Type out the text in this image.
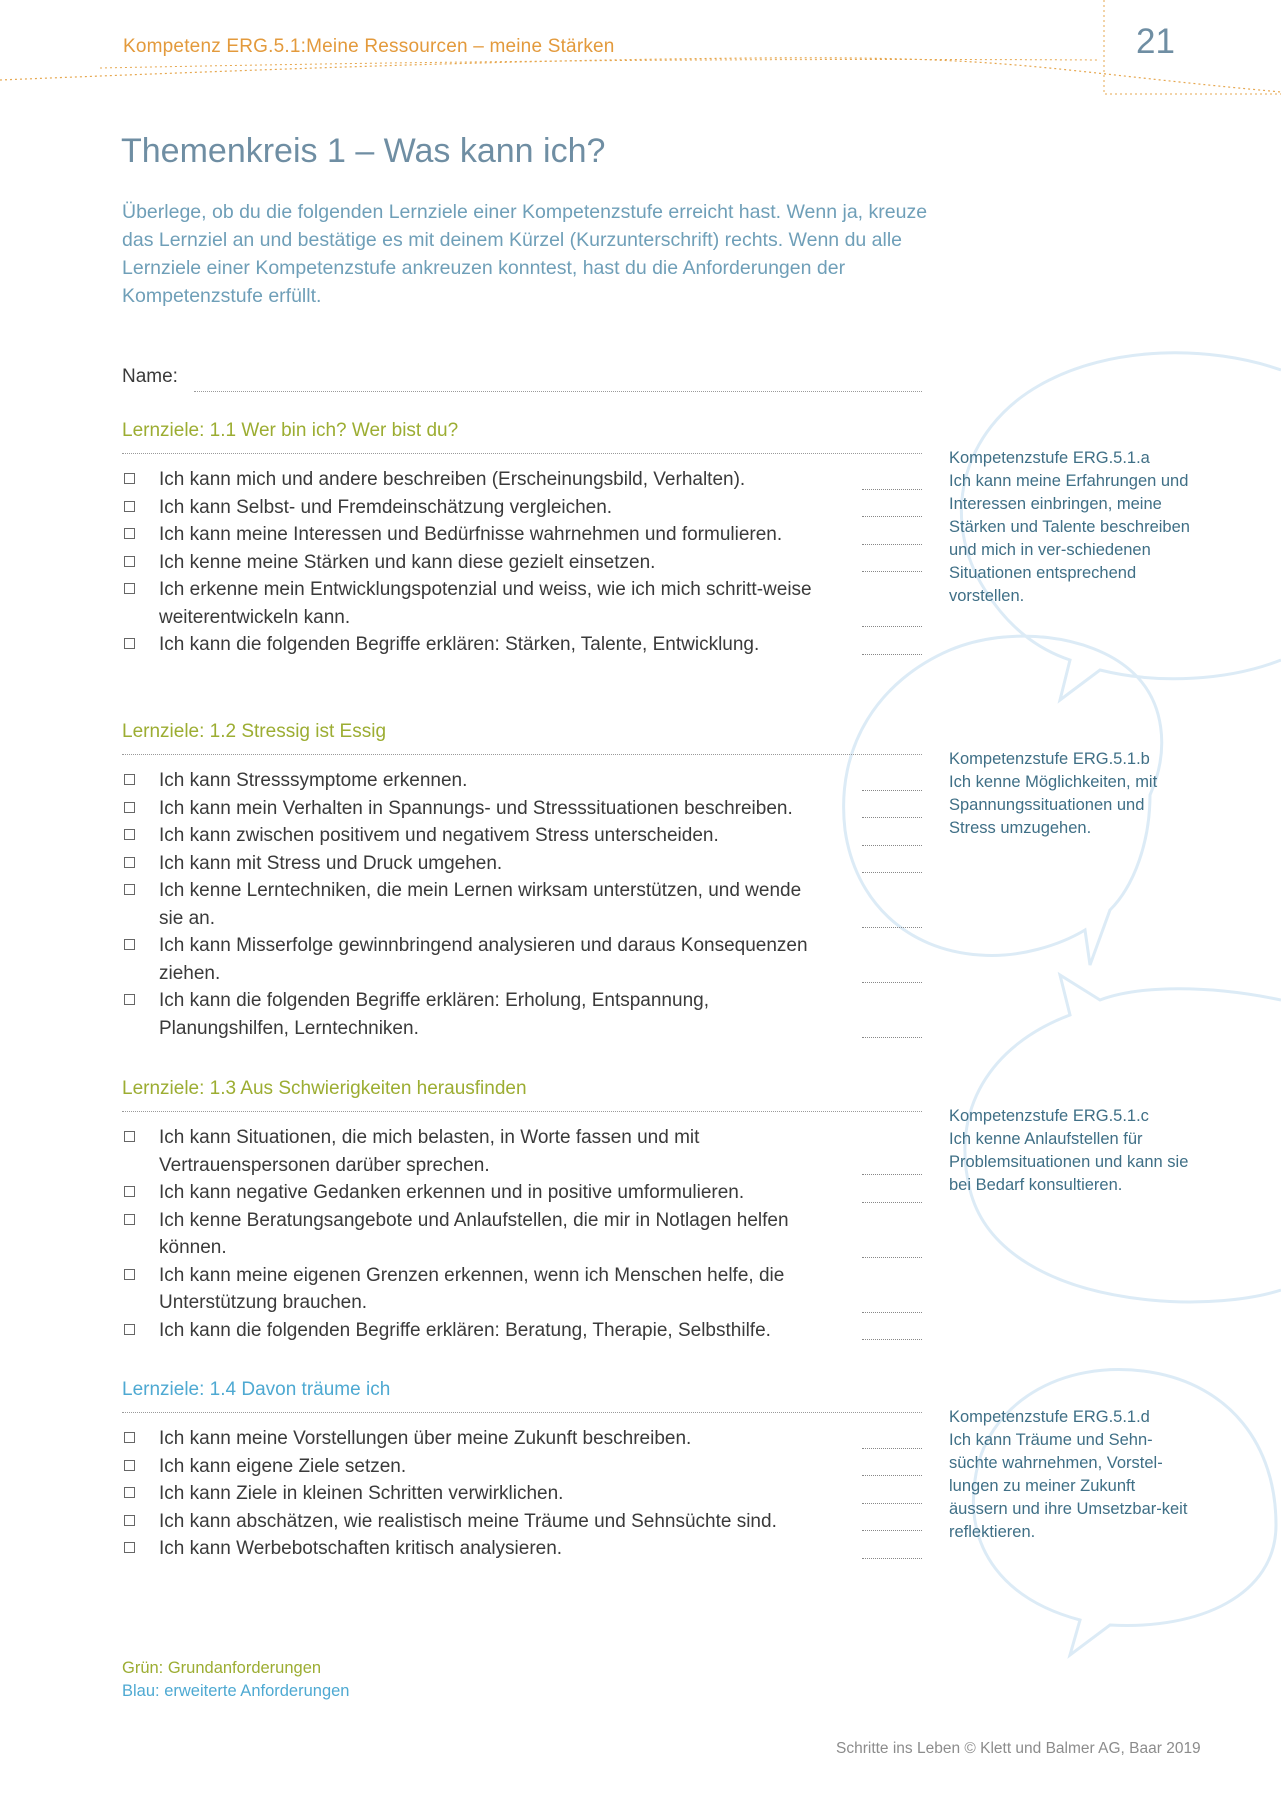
Kompetenz ERG.5.1:Meine Ressourcen – meine Stärken	21
Themenkreis 1 – Was kann ich?

Überlege, ob du die folgenden Lernziele einer Kompetenzstufe erreicht hast. Wenn ja, kreuze das Lernziel an und bestätige es mit deinem Kürzel (Kurzunterschrift) rechts. Wenn du alle Lernziele einer Kompetenzstufe ankreuzen konntest, hast du die Anforderungen der Kompetenzstufe erfüllt.

Name:

Kompetenzstufe ERG.5.1.a
Ich kann meine Erfahrungen und Interessen einbringen, meine Stärken und Talente beschreiben und mich in ver-schiedenen Situationen entsprechend vorstellen.

Kompetenzstufe ERG.5.1.b
Ich kenne Möglichkeiten, mit Spannungssituationen und Stress umzugehen.

Kompetenzstufe ERG.5.1.c
Ich kenne Anlaufstellen für Problemsituationen und kann sie bei Bedarf konsultieren.

Kompetenzstufe ERG.5.1.d
Ich kann Träume und Sehn-süchte wahrnehmen, Vorstel-lungen zu meiner Zukunft äussern und ihre Umsetzbar-keit reflektieren.

Lernziele: 1.1 Wer bin ich? Wer bist du?
Ich kann mich und andere beschreiben (Erscheinungsbild, Verhalten).
Ich kann Selbst- und Fremdeinschätzung vergleichen.
Ich kann meine Interessen und Bedürfnisse wahrnehmen und formulieren.
Ich kenne meine Stärken und kann diese gezielt einsetzen.
Ich erkenne mein Entwicklungspotenzial und weiss, wie ich mich schritt-weise weiterentwickeln kann.
Ich kann die folgenden Begriffe erklären: Stärken, Talente, Entwicklung.
Lernziele: 1.2 Stressig ist Essig
Ich kann Stresssymptome erkennen.
Ich kann mein Verhalten in Spannungs- und Stresssituationen beschreiben.
Ich kann zwischen positivem und negativem Stress unterscheiden.
Ich kann mit Stress und Druck umgehen.
Ich kenne Lerntechniken, die mein Lernen wirksam unterstützen, und wende sie an.
Ich kann Misserfolge gewinnbringend analysieren und daraus Konsequenzen ziehen.
Ich kann die folgenden Begriffe erklären: Erholung, Entspannung, Planungshilfen, Lerntechniken.
Lernziele: 1.3 Aus Schwierigkeiten herausfinden
Ich kann Situationen, die mich belasten, in Worte fassen und mit Vertrauenspersonen darüber sprechen.
Ich kann negative Gedanken erkennen und in positive umformulieren.
Ich kenne Beratungsangebote und Anlaufstellen, die mir in Notlagen helfen können.
Ich kann meine eigenen Grenzen erkennen, wenn ich Menschen helfe, die Unterstützung brauchen.
Ich kann die folgenden Begriffe erklären: Beratung, Therapie, Selbsthilfe.
Lernziele: 1.4 Davon träume ich
Ich kann meine Vorstellungen über meine Zukunft beschreiben.
Ich kann eigene Ziele setzen.
Ich kann Ziele in kleinen Schritten verwirklichen.
Ich kann abschätzen, wie realistisch meine Träume und Sehnsüchte sind.
Ich kann Werbebotschaften kritisch analysieren.
Grün: Grundanforderungen
Blau: erweiterte Anforderungen
Schritte ins Leben © Klett und Balmer AG, Baar 2019
